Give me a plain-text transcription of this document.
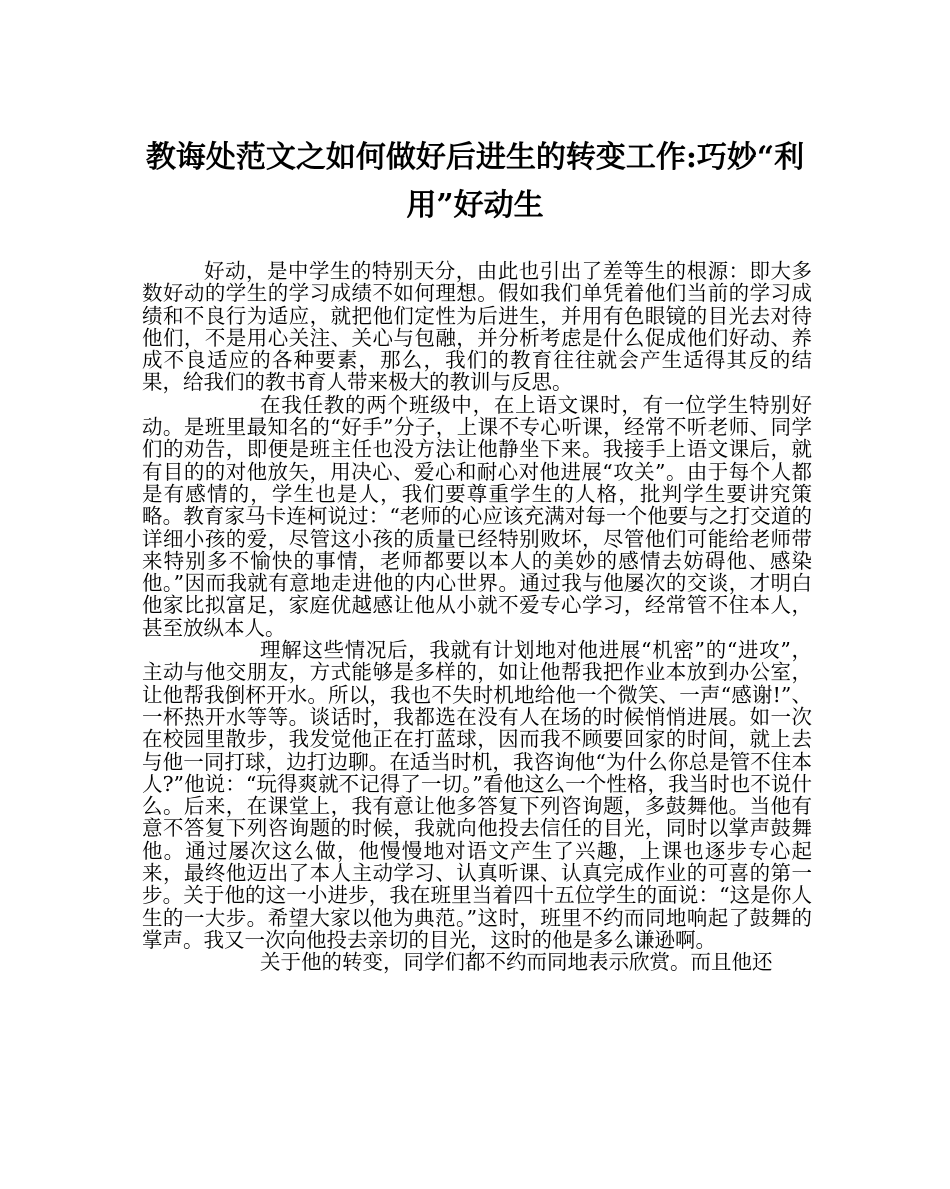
教诲处范文之如何做好后进生的转变工作:巧妙“利用”好动生

好动，是中学生的特别天分，由此也引出了差等生的根源：即大多数好动的学生的学习成绩不如何理想。假如我们单凭着他们当前的学习成绩和不良行为适应，就把他们定性为后进生，并用有色眼镜的目光去对待他们，不是用心关注、关心与包融，并分析考虑是什么促成他们好动、养成不良适应的各种要素，那么，我们的教育往往就会产生适得其反的结果，给我们的教书育人带来极大的教训与反思。

在我任教的两个班级中，在上语文课时，有一位学生特别好动。是班里最知名的“好手”分子，上课不专心听课，经常不听老师、同学们的劝告，即便是班主任也没方法让他静坐下来。我接手上语文课后，就有目的的对他放矢，用决心、爱心和耐心对他进展“攻关”。由于每个人都是有感情的，学生也是人，我们要尊重学生的人格，批判学生要讲究策略。教育家马卡连柯说过：“老师的心应该充满对每一个他要与之打交道的详细小孩的爱，尽管这小孩的质量已经特别败坏，尽管他们可能给老师带来特别多不愉快的事情，老师都要以本人的美妙的感情去妨碍他、感染他。”因而我就有意地走进他的内心世界。通过我与他屡次的交谈，才明白他家比拟富足，家庭优越感让他从小就不爱专心学习，经常管不住本人，甚至放纵本人。

理解这些情况后，我就有计划地对他进展“机密”的“进攻”，主动与他交朋友，方式能够是多样的，如让他帮我把作业本放到办公室，让他帮我倒杯开水。所以，我也不失时机地给他一个微笑、一声“感谢!”、一杯热开水等等。谈话时，我都选在没有人在场的时候悄悄进展。如一次在校园里散步，我发觉他正在打蓝球，因而我不顾要回家的时间，就上去与他一同打球，边打边聊。在适当时机，我咨询他“为什么你总是管不住本人?”他说：“玩得爽就不记得了一切。”看他这么一个性格，我当时也不说什么。后来，在课堂上，我有意让他多答复下列咨询题，多鼓舞他。当他有意不答复下列咨询题的时候，我就向他投去信任的目光，同时以掌声鼓舞他。通过屡次这么做，他慢慢地对语文产生了兴趣，上课也逐步专心起来，最终他迈出了本人主动学习、认真听课、认真完成作业的可喜的第一步。关于他的这一小进步，我在班里当着四十五位学生的面说：“这是你人生的一大步。希望大家以他为典范。”这时，班里不约而同地响起了鼓舞的掌声。我又一次向他投去亲切的目光，这时的他是多么谦逊啊。

关于他的转变，同学们都不约而同地表示欣赏。而且他还
